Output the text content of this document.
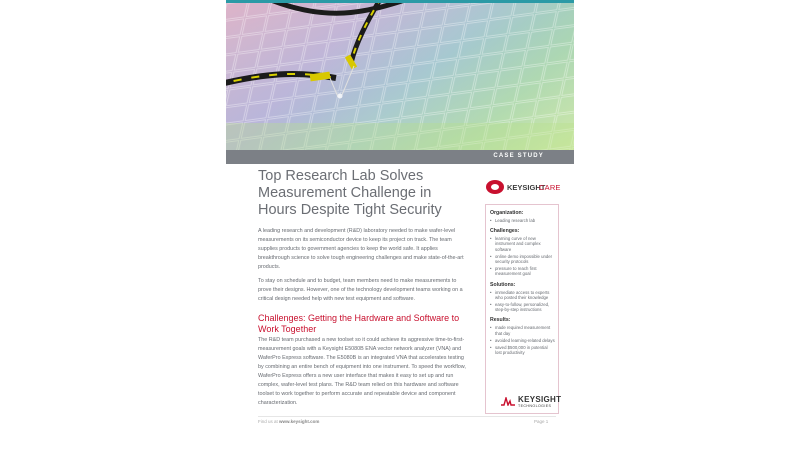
CASE STUDY
Top Research Lab Solves Measurement Challenge in Hours Despite Tight Security
KEYSIGHT
CARE

A leading research and development (R&D) laboratory needed to make wafer-level measurements on its semiconductor device to keep its project on track. The team supplies products to government agencies to keep the world safe. It applies breakthrough science to solve tough engineering challenges and make state-of-the-art products.

To stay on schedule and to budget, team members need to make measurements to prove their designs. However, one of the technology development teams working on a critical design needed help with new test equipment and software.

Challenges: Getting the Hardware and Software to Work Together
The R&D team purchased a new toolset so it could achieve its aggressive time-to-first-measurement goals with a Keysight E5080B ENA vector network analyzer (VNA) and WaferPro Express software. The E5080B is an integrated VNA that accelerates testing by combining an entire bench of equipment into one instrument. To speed the workflow, WaferPro Express offers a new user interface that makes it easy to set up and run complex, wafer-level test plans. The R&D team relied on this hardware and software toolset to work together to perform accurate and repeatable device and component characterization.
Organization:
• Leading research lab
Challenges:
• learning curve of new instrument and complex software
• online demo impossible under security protocols
• pressure to reach first measurement goal
Solutions:
• immediate access to experts who posted their knowledge
• easy-to-follow, personalized, step-by-step instructions
Results:
• made required measurement that day
• avoided learning-related delays
• saved $500,000 in potential lost productivity
KEYSIGHT
TECHNOLOGIES
Find us at www.keysight.com	Page 1
